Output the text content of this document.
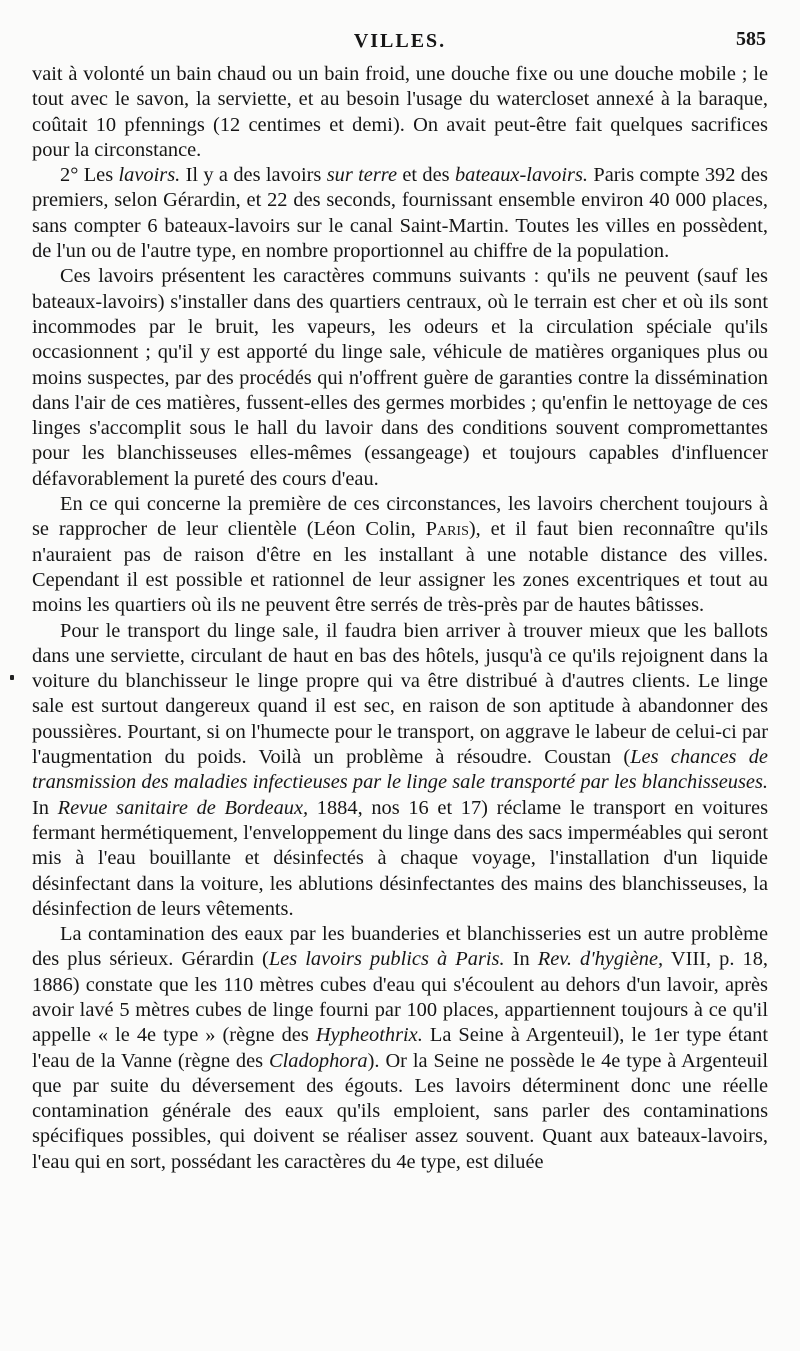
VILLES.	585

vait à volonté un bain chaud ou un bain froid, une douche fixe ou une douche mobile ; le tout avec le savon, la serviette, et au besoin l'usage du watercloset annexé à la baraque, coûtait 10 pfennings (12 centimes et demi). On avait peut-être fait quelques sacrifices pour la circonstance.

2° Les lavoirs. Il y a des lavoirs sur terre et des bateaux-lavoirs. Paris compte 392 des premiers, selon Gérardin, et 22 des seconds, fournissant ensemble environ 40 000 places, sans compter 6 bateaux-lavoirs sur le canal Saint-Martin. Toutes les villes en possèdent, de l'un ou de l'autre type, en nombre proportionnel au chiffre de la population.

Ces lavoirs présentent les caractères communs suivants : qu'ils ne peuvent (sauf les bateaux-lavoirs) s'installer dans des quartiers centraux, où le terrain est cher et où ils sont incommodes par le bruit, les vapeurs, les odeurs et la circulation spéciale qu'ils occasionnent ; qu'il y est apporté du linge sale, véhicule de matières organiques plus ou moins suspectes, par des procédés qui n'offrent guère de garanties contre la dissémination dans l'air de ces matières, fussent-elles des germes morbides ; qu'enfin le nettoyage de ces linges s'accomplit sous le hall du lavoir dans des conditions souvent compromettantes pour les blanchisseuses elles-mêmes (essangeage) et toujours capables d'influencer défavorablement la pureté des cours d'eau.

En ce qui concerne la première de ces circonstances, les lavoirs cherchent toujours à se rapprocher de leur clientèle (Léon Colin, Paris), et il faut bien reconnaître qu'ils n'auraient pas de raison d'être en les installant à une notable distance des villes. Cependant il est possible et rationnel de leur assigner les zones excentriques et tout au moins les quartiers où ils ne peuvent être serrés de très-près par de hautes bâtisses.

Pour le transport du linge sale, il faudra bien arriver à trouver mieux que les ballots dans une serviette, circulant de haut en bas des hôtels, jusqu'à ce qu'ils rejoignent dans la voiture du blanchisseur le linge propre qui va être distribué à d'autres clients. Le linge sale est surtout dangereux quand il est sec, en raison de son aptitude à abandonner des poussières. Pourtant, si on l'humecte pour le transport, on aggrave le labeur de celui-ci par l'augmentation du poids. Voilà un problème à résoudre. Coustan (Les chances de transmission des maladies infectieuses par le linge sale transporté par les blanchisseuses. In Revue sanitaire de Bordeaux, 1884, nos 16 et 17) réclame le transport en voitures fermant hermétiquement, l'enveloppement du linge dans des sacs imperméables qui seront mis à l'eau bouillante et désinfectés à chaque voyage, l'installation d'un liquide désinfectant dans la voiture, les ablutions désinfectantes des mains des blanchisseuses, la désinfection de leurs vêtements.

La contamination des eaux par les buanderies et blanchisseries est un autre problème des plus sérieux. Gérardin (Les lavoirs publics à Paris. In Rev. d'hygiène, VIII, p. 18, 1886) constate que les 110 mètres cubes d'eau qui s'écoulent au dehors d'un lavoir, après avoir lavé 5 mètres cubes de linge fourni par 100 places, appartiennent toujours à ce qu'il appelle « le 4e type » (règne des Hypheothrix. La Seine à Argenteuil), le 1er type étant l'eau de la Vanne (règne des Cladophora). Or la Seine ne possède le 4e type à Argenteuil que par suite du déversement des égouts. Les lavoirs déterminent donc une réelle contamination générale des eaux qu'ils emploient, sans parler des contaminations spécifiques possibles, qui doivent se réaliser assez souvent. Quant aux bateaux-lavoirs, l'eau qui en sort, possédant les caractères du 4e type, est diluée
